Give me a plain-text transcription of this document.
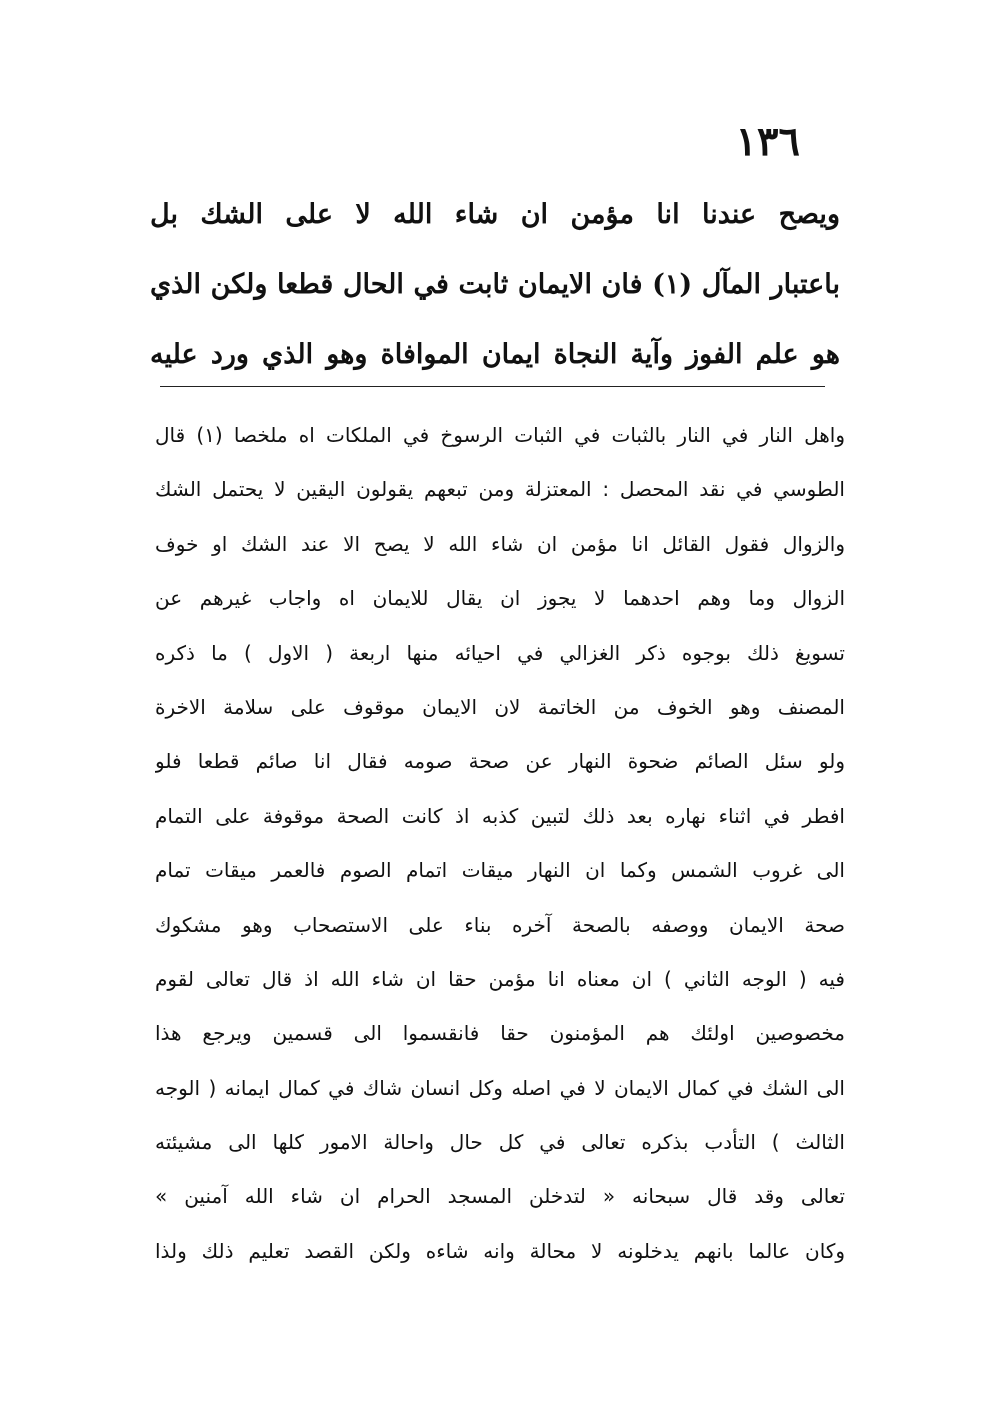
١٣٦
ويصح عندنا انا مؤمن ان شاء الله لا على الشك بل
باعتبار المآل (١) فان الايمان ثابت في الحال قطعا ولكن الذي
هو علم الفوز وآية النجاة ايمان الموافاة وهو الذي ورد عليه
واهل النار في النار بالثبات في الثبات الرسوخ في الملكات اه ملخصا (١) قال
الطوسي في نقد المحصل : المعتزلة ومن تبعهم يقولون اليقين لا يحتمل الشك
والزوال فقول القائل انا مؤمن ان شاء الله لا يصح الا عند الشك او خوف
الزوال وما وهم احدهما لا يجوز ان يقال للايمان اه واجاب غيرهم عن
تسويغ ذلك بوجوه ذكر الغزالي في احيائه منها اربعة ( الاول ) ما ذكره
المصنف وهو الخوف من الخاتمة لان الايمان موقوف على سلامة الاخرة
ولو سئل الصائم ضحوة النهار عن صحة صومه فقال انا صائم قطعا فلو
افطر في اثناء نهاره بعد ذلك لتبين كذبه اذ كانت الصحة موقوفة على التمام
الى غروب الشمس وكما ان النهار ميقات اتمام الصوم فالعمر ميقات تمام
صحة الايمان ووصفه بالصحة آخره بناء على الاستصحاب وهو مشكوك
فيه ( الوجه الثاني ) ان معناه انا مؤمن حقا ان شاء الله اذ قال تعالى لقوم
مخصوصين اولئك هم المؤمنون حقا فانقسموا الى قسمين ويرجع هذا
الى الشك في كمال الايمان لا في اصله وكل انسان شاك في كمال ايمانه ( الوجه
الثالث ) التأدب بذكره تعالى في كل حال واحالة الامور كلها الى مشيئته
تعالى وقد قال سبحانه « لتدخلن المسجد الحرام ان شاء الله آمنين »
وكان عالما بانهم يدخلونه لا محالة وانه شاءه ولكن القصد تعليم ذلك ولذا
